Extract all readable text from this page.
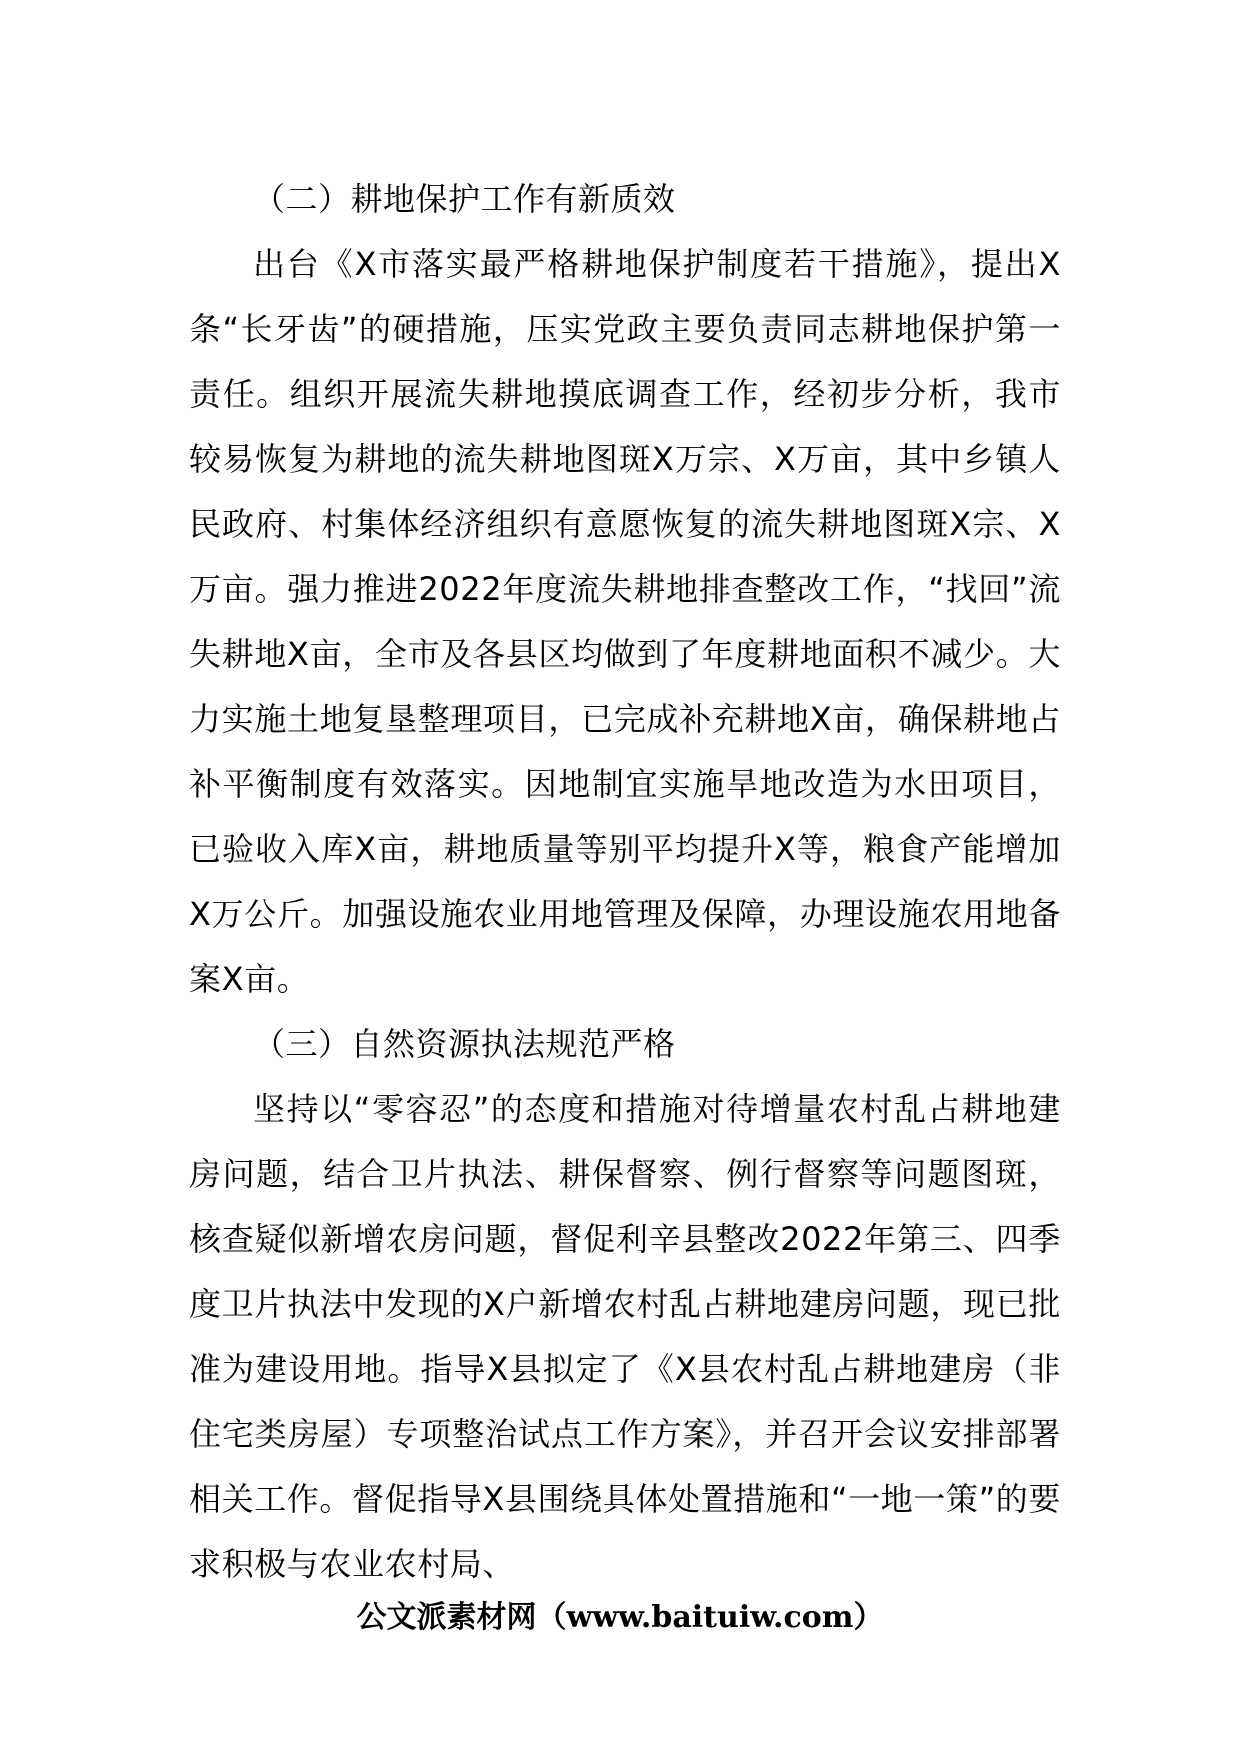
（二）耕地保护工作有新质效

出台《X市落实最严格耕地保护制度若干措施》，提出X条“长牙齿”的硬措施，压实党政主要负责同志耕地保护第一责任。组织开展流失耕地摸底调查工作，经初步分析，我市较易恢复为耕地的流失耕地图斑X万宗、X万亩，其中乡镇人民政府、村集体经济组织有意愿恢复的流失耕地图斑X宗、X万亩。强力推进2022年度流失耕地排查整改工作，“找回”流失耕地X亩，全市及各县区均做到了年度耕地面积不减少。大力实施土地复垦整理项目，已完成补充耕地X亩，确保耕地占补平衡制度有效落实。因地制宜实施旱地改造为水田项目，已验收入库X亩，耕地质量等别平均提升X等，粮食产能增加X万公斤。加强设施农业用地管理及保障，办理设施农用地备案X亩。

（三）自然资源执法规范严格

坚持以“零容忍”的态度和措施对待增量农村乱占耕地建房问题，结合卫片执法、耕保督察、例行督察等问题图斑，核查疑似新增农房问题，督促利辛县整改2022年第三、四季度卫片执法中发现的X户新增农村乱占耕地建房问题，现已批准为建设用地。指导X县拟定了《X县农村乱占耕地建房（非住宅类房屋）专项整治试点工作方案》，并召开会议安排部署相关工作。督促指导X县围绕具体处置措施和“一地一策”的要求积极与农业农村局、

公文派素材网（www.baituiw.com）
